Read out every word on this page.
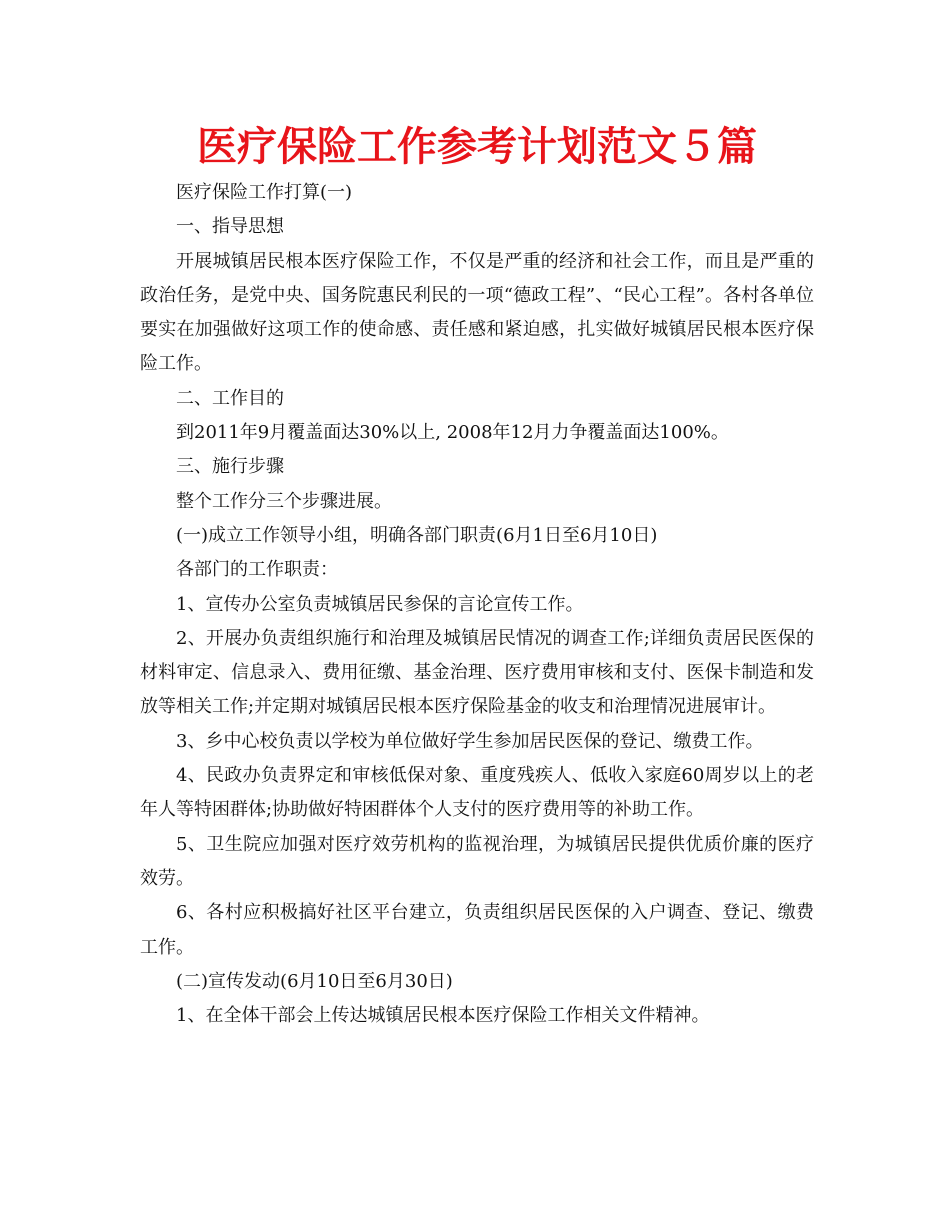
医疗保险工作参考计划范文５篇

医疗保险工作打算(一)

一、指导思想

开展城镇居民根本医疗保险工作，不仅是严重的经济和社会工作，而且是严重的政治任务，是党中央、国务院惠民利民的一项“德政工程”、“民心工程”。各村各单位要实在加强做好这项工作的使命感、责任感和紧迫感，扎实做好城镇居民根本医疗保险工作。

二、工作目的

到2011年9月覆盖面达30%以上, 2008年12月力争覆盖面达100%。

三、施行步骤

整个工作分三个步骤进展。

(一)成立工作领导小组，明确各部门职责(6月1日至6月10日)

各部门的工作职责：

1、宣传办公室负责城镇居民参保的言论宣传工作。

2、开展办负责组织施行和治理及城镇居民情况的调查工作;详细负责居民医保的材料审定、信息录入、费用征缴、基金治理、医疗费用审核和支付、医保卡制造和发放等相关工作;并定期对城镇居民根本医疗保险基金的收支和治理情况进展审计。

3、乡中心校负责以学校为单位做好学生参加居民医保的登记、缴费工作。

4、民政办负责界定和审核低保对象、重度残疾人、低收入家庭60周岁以上的老年人等特困群体;协助做好特困群体个人支付的医疗费用等的补助工作。

5、卫生院应加强对医疗效劳机构的监视治理，为城镇居民提供优质价廉的医疗效劳。

6、各村应积极搞好社区平台建立，负责组织居民医保的入户调查、登记、缴费工作。

(二)宣传发动(6月10日至6月30日)

1、在全体干部会上传达城镇居民根本医疗保险工作相关文件精神。
